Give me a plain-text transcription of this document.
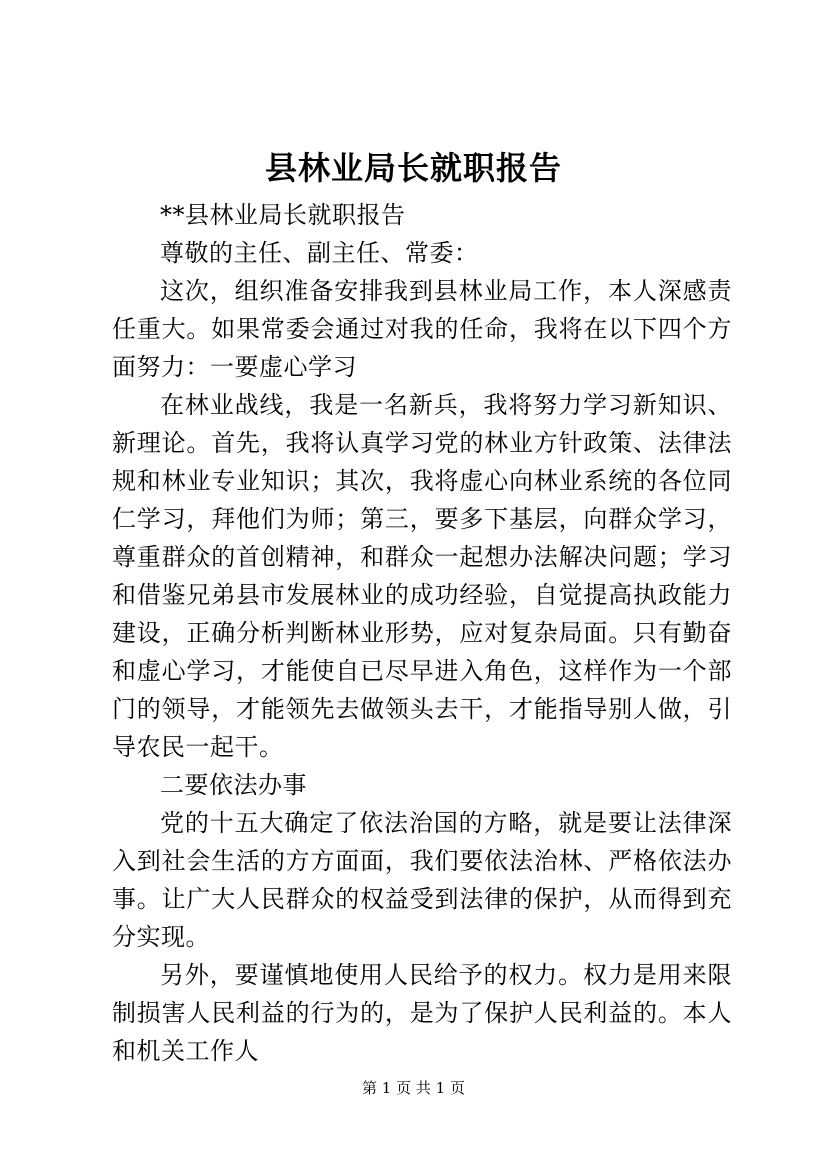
县林业局长就职报告

**县林业局长就职报告

尊敬的主任、副主任、常委：

这次，组织准备安排我到县林业局工作，本人深感责任重大。如果常委会通过对我的任命，我将在以下四个方面努力：一要虚心学习

在林业战线，我是一名新兵，我将努力学习新知识、新理论。首先，我将认真学习党的林业方针政策、法律法规和林业专业知识；其次，我将虚心向林业系统的各位同仁学习，拜他们为师；第三，要多下基层，向群众学习，尊重群众的首创精神，和群众一起想办法解决问题；学习和借鉴兄弟县市发展林业的成功经验，自觉提高执政能力建设，正确分析判断林业形势，应对复杂局面。只有勤奋和虚心学习，才能使自已尽早进入角色，这样作为一个部门的领导，才能领先去做领头去干，才能指导别人做，引导农民一起干。

二要依法办事

党的十五大确定了依法治国的方略，就是要让法律深入到社会生活的方方面面，我们要依法治林、严格依法办事。让广大人民群众的权益受到法律的保护，从而得到充分实现。

另外，要谨慎地使用人民给予的权力。权力是用来限制损害人民利益的行为的，是为了保护人民利益的。本人和机关工作人

第 1 页 共 1 页
